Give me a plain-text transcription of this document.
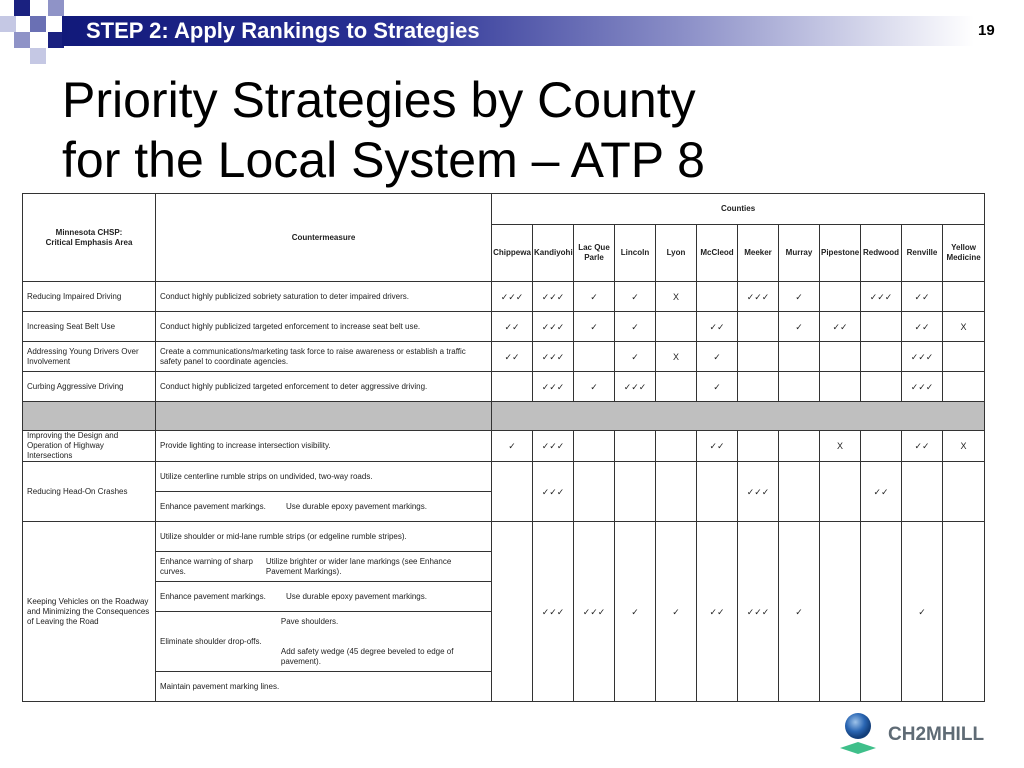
STEP 2: Apply Rankings to Strategies	19
Priority Strategies by County
for the Local System – ATP 8
Minnesota CHSP:
Critical Emphasis Area	Countermeasure	Counties											
		Chippewa	Kandiyohi	Lac Que Parle	Lincoln	Lyon	McCleod	Meeker	Murray	Pipestone	Redwood	Renville	Yellow Medicine
Reducing Impaired Driving	Conduct highly publicized sobriety saturation to deter impaired drivers.	✓✓✓	✓✓✓	✓	✓	X		✓✓✓	✓		✓✓✓	✓✓	
Increasing Seat Belt Use	Conduct highly publicized targeted enforcement to increase seat belt use.	✓✓	✓✓✓	✓	✓		✓✓		✓	✓✓		✓✓	X
Addressing Young Drivers Over Involvement	Create a communications/marketing task force to raise awareness or establish a traffic safety panel to coordinate agencies.	✓✓	✓✓✓		✓	X	✓					✓✓✓	
Curbing Aggressive Driving	Conduct highly publicized targeted enforcement to deter aggressive driving.		✓✓✓	✓	✓✓✓		✓					✓✓✓	

Improving the Design and Operation of Highway Intersections	Provide lighting to increase intersection visibility.	✓	✓✓✓				✓✓			X		✓✓	X
Reducing Head-On Crashes	Utilize centerline rumble strips on undivided, two-way roads.		✓✓✓					✓✓✓			✓✓		

	Enhance pavement markings. Use durable epoxy pavement markings.												

Keeping Vehicles on the Roadway and Minimizing the Consequences of Leaving the Road	Utilize shoulder or mid-lane rumble strips (or edgeline rumble stripes).		✓✓✓	✓✓✓	✓	✓	✓✓	✓✓✓	✓			✓	

	Enhance warning of sharp curves.
Utilize brighter or wider lane markings (see Enhance Pavement Markings).												

	Enhance pavement markings. Use durable epoxy pavement markings.												

	Eliminate shoulder drop-offs.
Pave shoulders.

Add safety wedge (45 degree beveled to edge of pavement).												

	Maintain pavement marking lines.												
CH2MHILL
